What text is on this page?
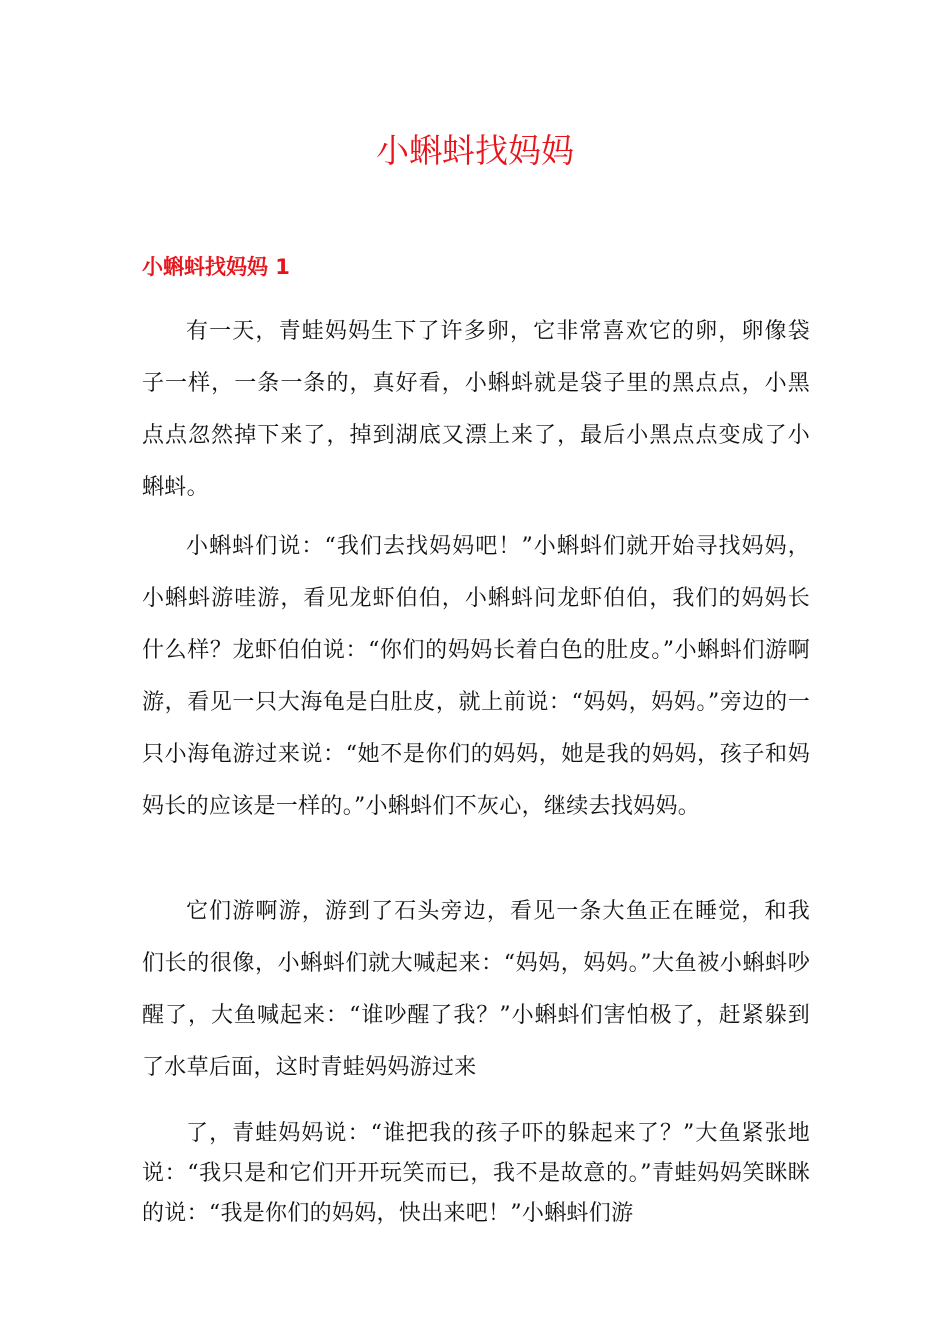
小蝌蚪找妈妈
小蝌蚪找妈妈 1

有一天，青蛙妈妈生下了许多卵，它非常喜欢它的卵，卵像袋子一样，一条一条的，真好看，小蝌蚪就是袋子里的黑点点，小黑点点忽然掉下来了，掉到湖底又漂上来了，最后小黑点点变成了小蝌蚪。

小蝌蚪们说：“我们去找妈妈吧！”小蝌蚪们就开始寻找妈妈，小蝌蚪游哇游，看见龙虾伯伯，小蝌蚪问龙虾伯伯，我们的妈妈长什么样？龙虾伯伯说：“你们的妈妈长着白色的肚皮。”小蝌蚪们游啊游，看见一只大海龟是白肚皮，就上前说：“妈妈，妈妈。”旁边的一只小海龟游过来说：“她不是你们的妈妈，她是我的妈妈，孩子和妈妈长的应该是一样的。”小蝌蚪们不灰心，继续去找妈妈。

它们游啊游，游到了石头旁边，看见一条大鱼正在睡觉，和我们长的很像，小蝌蚪们就大喊起来：“妈妈，妈妈。”大鱼被小蝌蚪吵醒了，大鱼喊起来：“谁吵醒了我？”小蝌蚪们害怕极了，赶紧躲到了水草后面，这时青蛙妈妈游过来

了，青蛙妈妈说：“谁把我的孩子吓的躲起来了？”大鱼紧张地说：“我只是和它们开开玩笑而已，我不是故意的。”青蛙妈妈笑眯眯的说：“我是你们的妈妈，快出来吧！”小蝌蚪们游
